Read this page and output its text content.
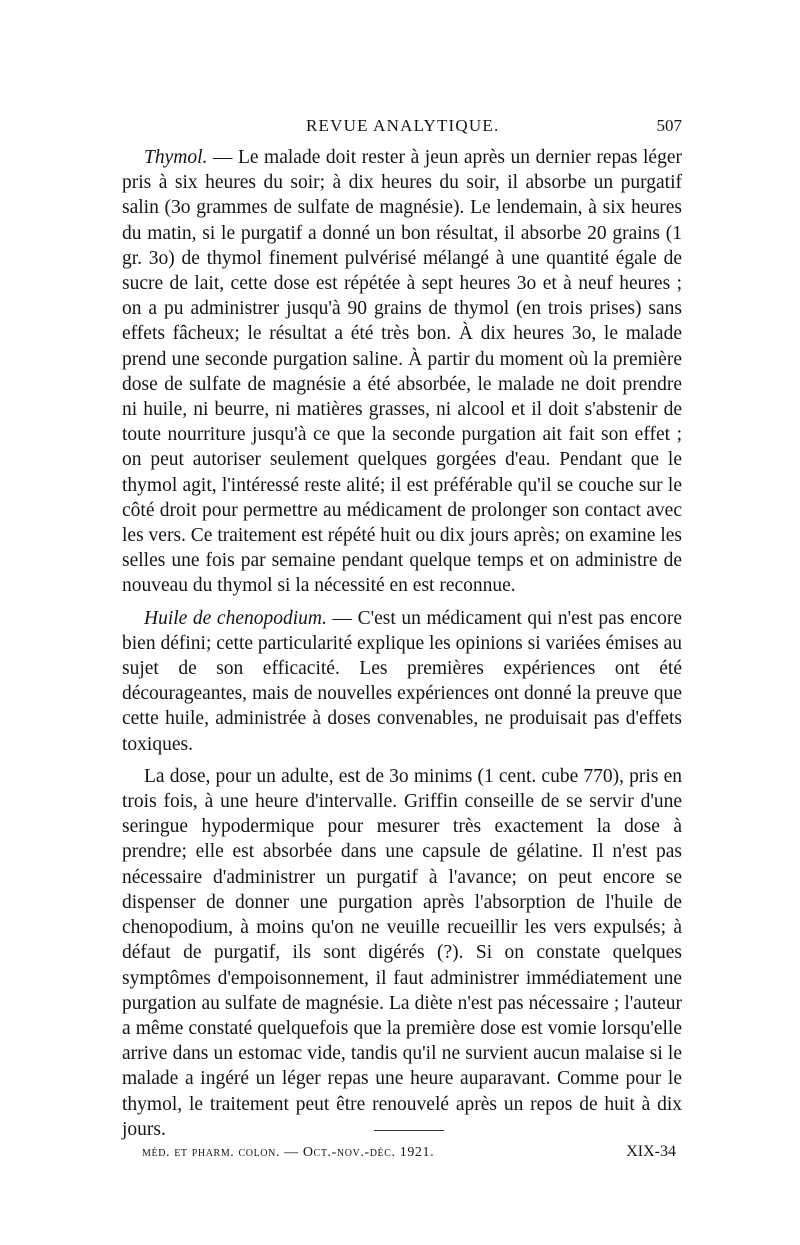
REVUE ANALYTIQUE.	507

Thymol. — Le malade doit rester à jeun après un dernier repas léger pris à six heures du soir; à dix heures du soir, il absorbe un purgatif salin (3o grammes de sulfate de magnésie). Le lendemain, à six heures du matin, si le purgatif a donné un bon résultat, il absorbe 20 grains (1 gr. 3o) de thymol finement pulvérisé mélangé à une quantité égale de sucre de lait, cette dose est répétée à sept heures 3o et à neuf heures ; on a pu administrer jusqu'à 90 grains de thymol (en trois prises) sans effets fâcheux; le résultat a été très bon. À dix heures 3o, le malade prend une seconde purgation saline. À partir du moment où la première dose de sulfate de magnésie a été absorbée, le malade ne doit prendre ni huile, ni beurre, ni matières grasses, ni alcool et il doit s'abstenir de toute nourriture jusqu'à ce que la seconde purgation ait fait son effet ; on peut autoriser seulement quelques gorgées d'eau. Pendant que le thymol agit, l'intéressé reste alité; il est préférable qu'il se couche sur le côté droit pour permettre au médicament de prolonger son contact avec les vers. Ce traitement est répété huit ou dix jours après; on examine les selles une fois par semaine pendant quelque temps et on administre de nouveau du thymol si la nécessité en est reconnue.

Huile de chenopodium. — C'est un médicament qui n'est pas encore bien défini; cette particularité explique les opinions si variées émises au sujet de son efficacité. Les premières expériences ont été décourageantes, mais de nouvelles expériences ont donné la preuve que cette huile, administrée à doses convenables, ne produisait pas d'effets toxiques.

La dose, pour un adulte, est de 3o minims (1 cent. cube 770), pris en trois fois, à une heure d'intervalle. Griffin conseille de se servir d'une seringue hypodermique pour mesurer très exactement la dose à prendre; elle est absorbée dans une capsule de gélatine. Il n'est pas nécessaire d'administrer un purgatif à l'avance; on peut encore se dispenser de donner une purgation après l'absorption de l'huile de chenopodium, à moins qu'on ne veuille recueillir les vers expulsés; à défaut de purgatif, ils sont digérés (?). Si on constate quelques symptômes d'empoisonnement, il faut administrer immédiatement une purgation au sulfate de magnésie. La diète n'est pas nécessaire ; l'auteur a même constaté quelquefois que la première dose est vomie lorsqu'elle arrive dans un estomac vide, tandis qu'il ne survient aucun malaise si le malade a ingéré un léger repas une heure auparavant. Comme pour le thymol, le traitement peut être renouvelé après un repos de huit à dix jours.

méd. et pharm. colon. — Oct.-nov.-déc. 1921.	XIX-34
